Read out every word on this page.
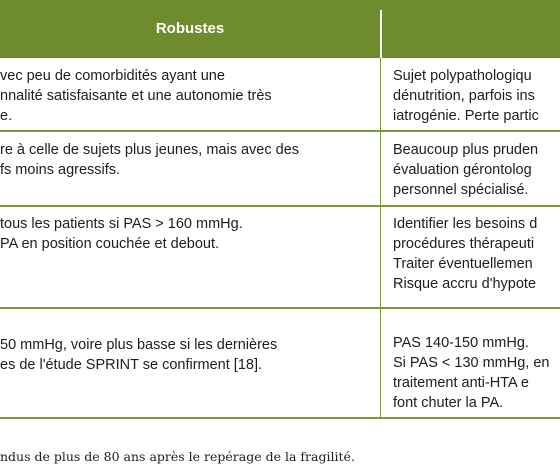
Robustes
vec peu de comorbidités ayant une
nnalité satisfaisante et une autonomie très
e.
Sujet polypathologiqu
dénutrition, parfois ins
iatrogénie. Perte partic
re à celle de sujets plus jeunes, mais avec des
fs moins agressifs.
Beaucoup plus pruden
évaluation gérontolog
personnel spécialisé.
tous les patients si PAS > 160 mmHg.
PA en position couchée et debout.
Identifier les besoins d
procédures thérapeuti
Traiter éventuellemen
Risque accru d'hypote
50 mmHg, voire plus basse si les dernières
es de l'étude SPRINT se confirment [18].
PAS 140-150 mmHg.
Si PAS < 130 mmHg, en
traitement anti-HTA e
font chuter la PA.
ndus de plus de 80 ans après le repérage de la fragilité.
